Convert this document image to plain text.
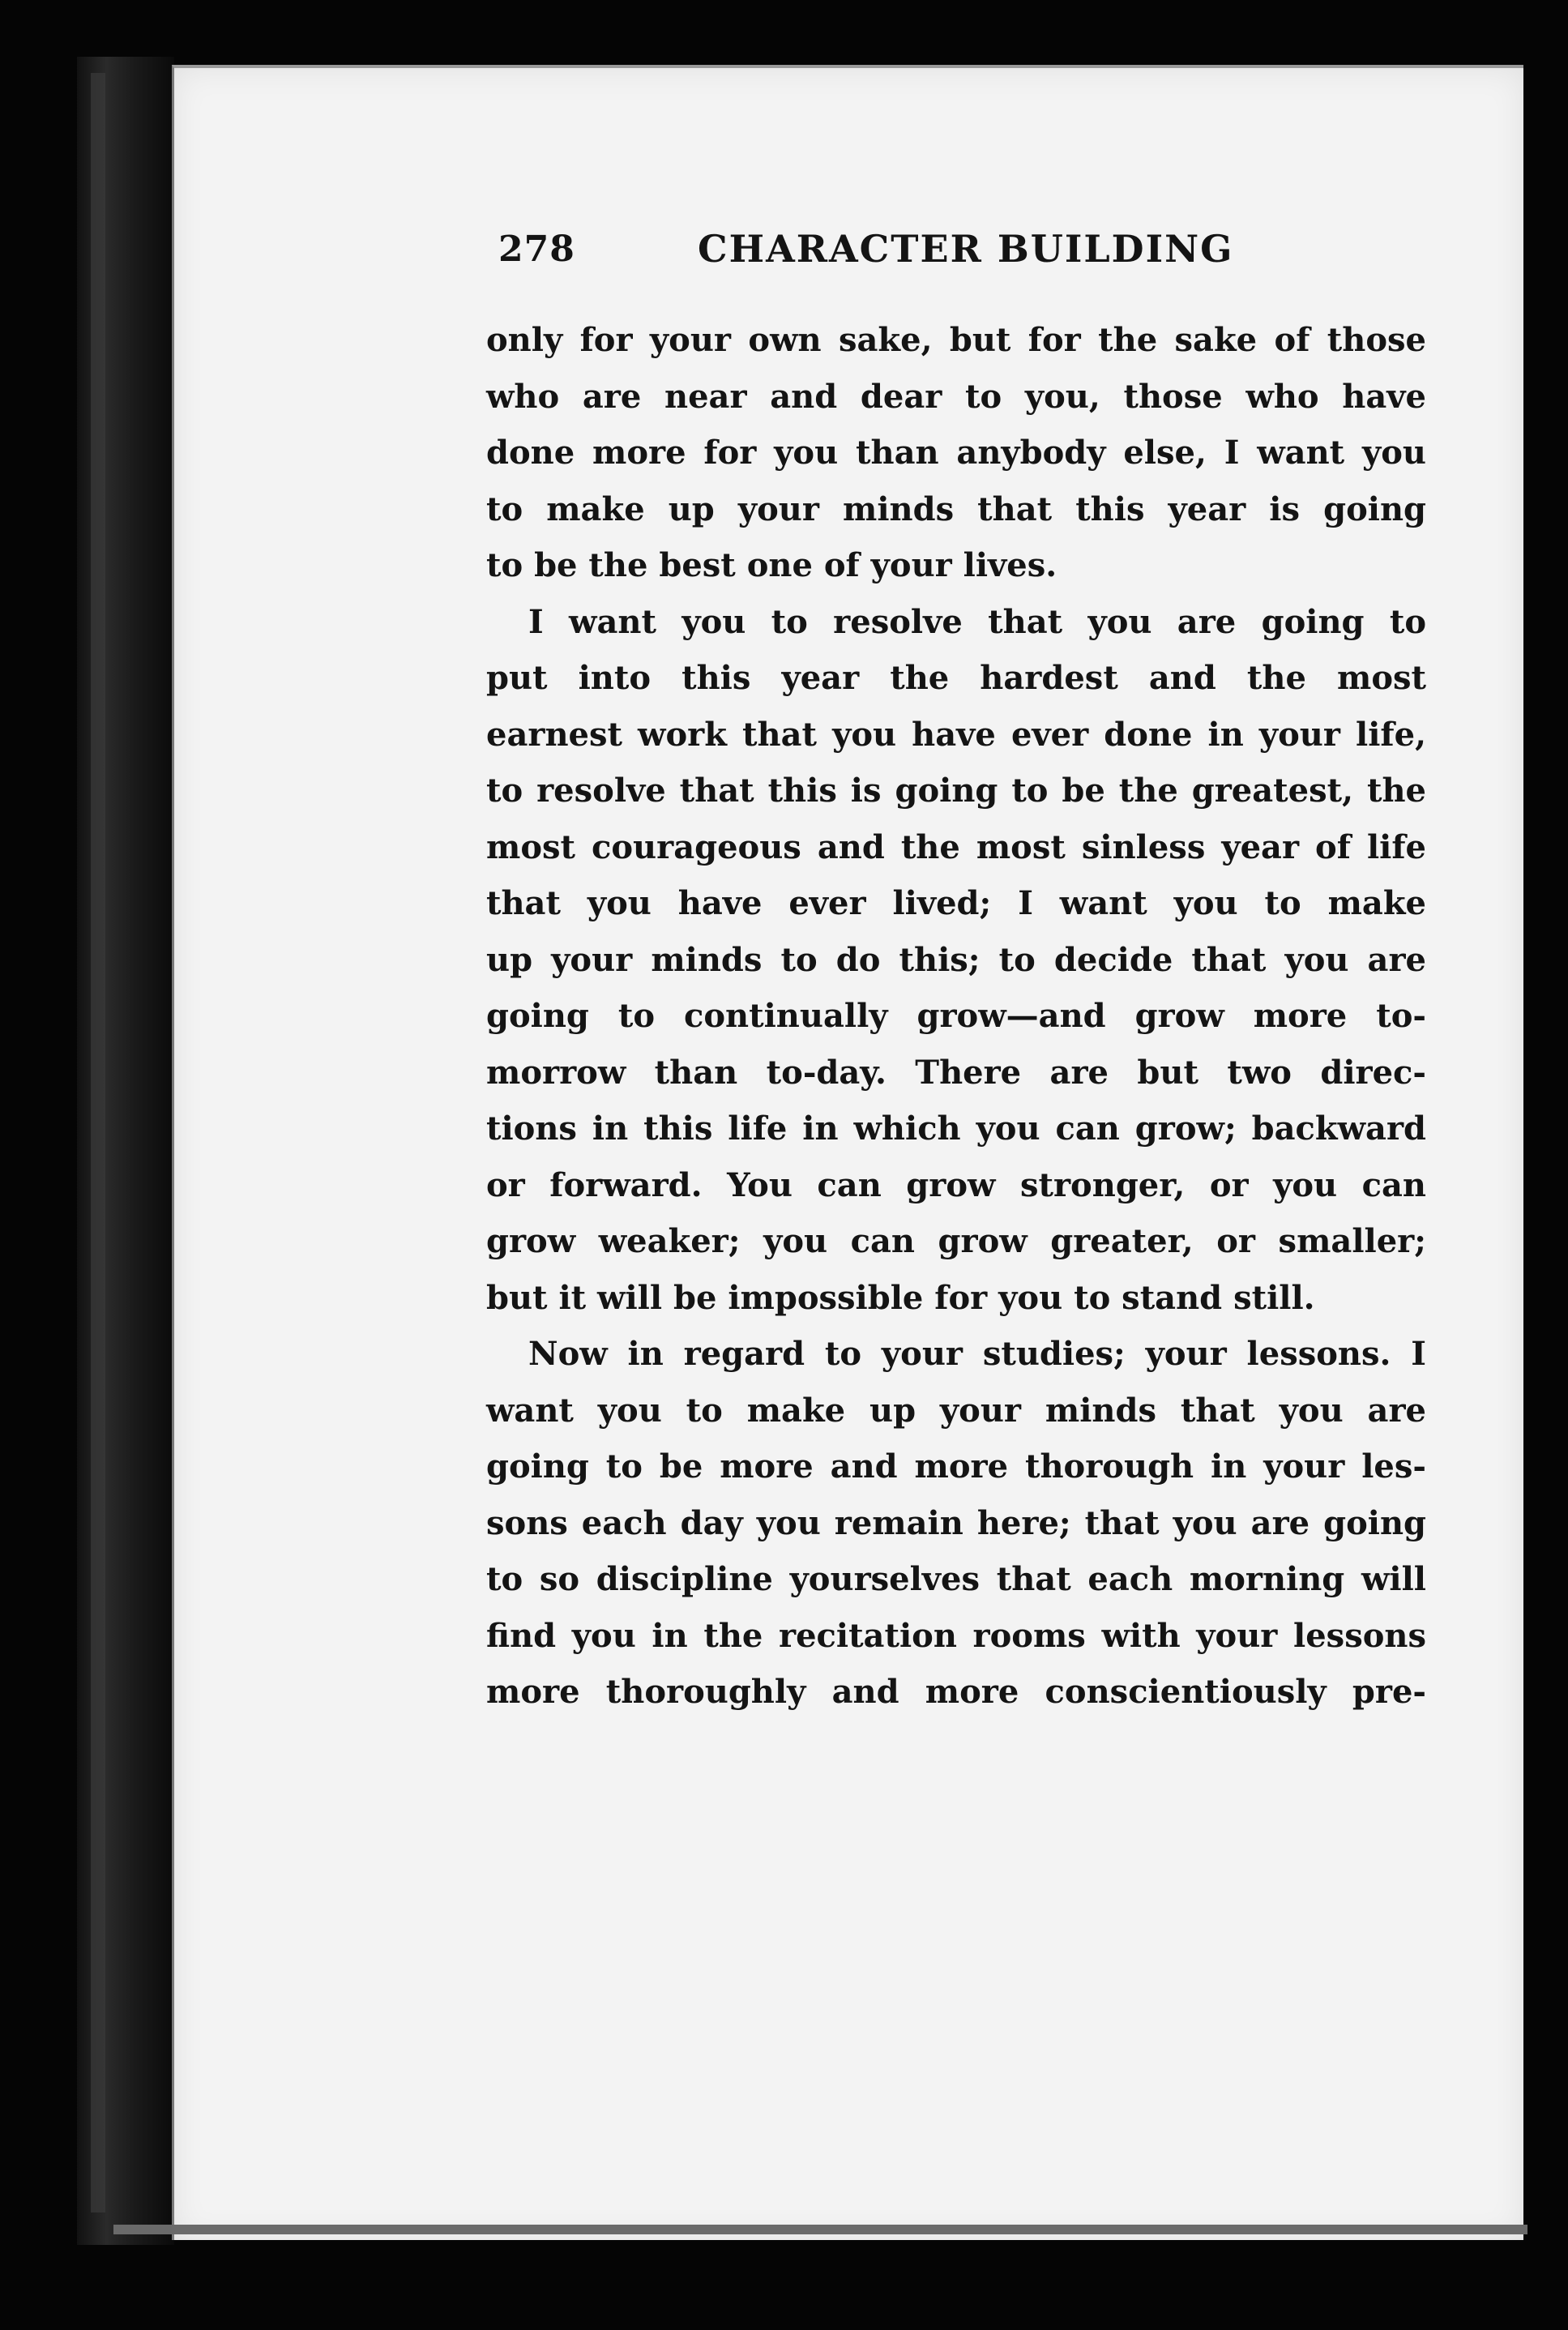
278	CHARACTER BUILDING
only for your own sake, but for the sake of those
who are near and dear to you, those who have
done more for you than anybody else, I want you
to make up your minds that this year is going
to be the best one of your lives.
I want you to resolve that you are going to
put into this year the hardest and the most
earnest work that you have ever done in your life,
to resolve that this is going to be the greatest, the
most courageous and the most sinless year of life
that you have ever lived; I want you to make
up your minds to do this; to decide that you are
going to continually grow—and grow more to-
morrow than to-day. There are but two direc-
tions in this life in which you can grow; backward
or forward. You can grow stronger, or you can
grow weaker; you can grow greater, or smaller;
but it will be impossible for you to stand still.
Now in regard to your studies; your lessons. I
want you to make up your minds that you are
going to be more and more thorough in your les-
sons each day you remain here; that you are going
to so discipline yourselves that each morning will
find you in the recitation rooms with your lessons
more thoroughly and more conscientiously pre-
